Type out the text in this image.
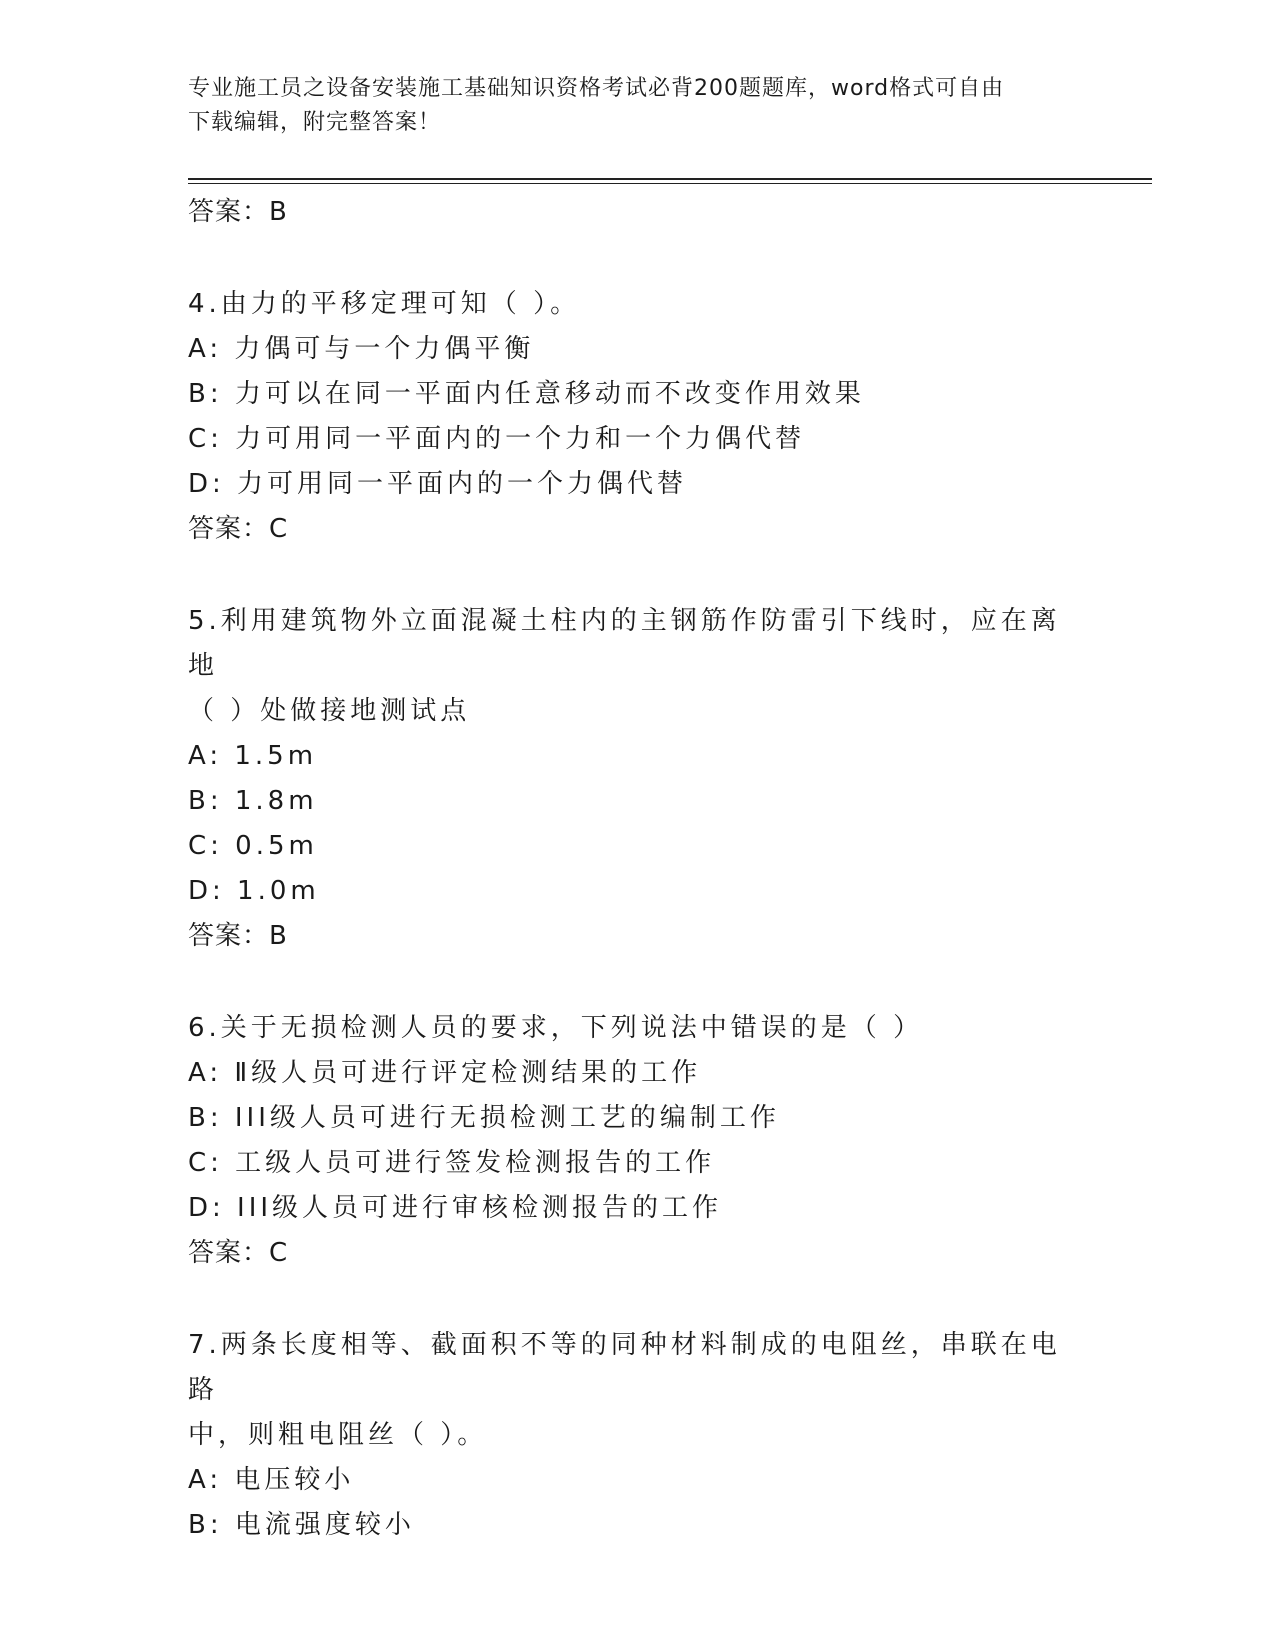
专业施工员之设备安装施工基础知识资格考试必背200题题库，word格式可自由
下载编辑，附完整答案！
答案：B
4.由力的平移定理可知（ ）。
A: 力偶可与一个力偶平衡
B: 力可以在同一平面内任意移动而不改变作用效果
C: 力可用同一平面内的一个力和一个力偶代替
D: 力可用同一平面内的一个力偶代替
答案：C
5.利用建筑物外立面混凝土柱内的主钢筋作防雷引下线时，应在离地
（ ）处做接地测试点
A: 1.5m
B: 1.8m
C: 0.5m
D: 1.0m
答案：B
6.关于无损检测人员的要求，下列说法中错误的是（ ）
A: Ⅱ级人员可进行评定检测结果的工作
B: III级人员可进行无损检测工艺的编制工作
C: 工级人员可进行签发检测报告的工作
D: III级人员可进行审核检测报告的工作
答案：C
7.两条长度相等、截面积不等的同种材料制成的电阻丝，串联在电路
中，则粗电阻丝（ ）。
A: 电压较小
B: 电流强度较小
